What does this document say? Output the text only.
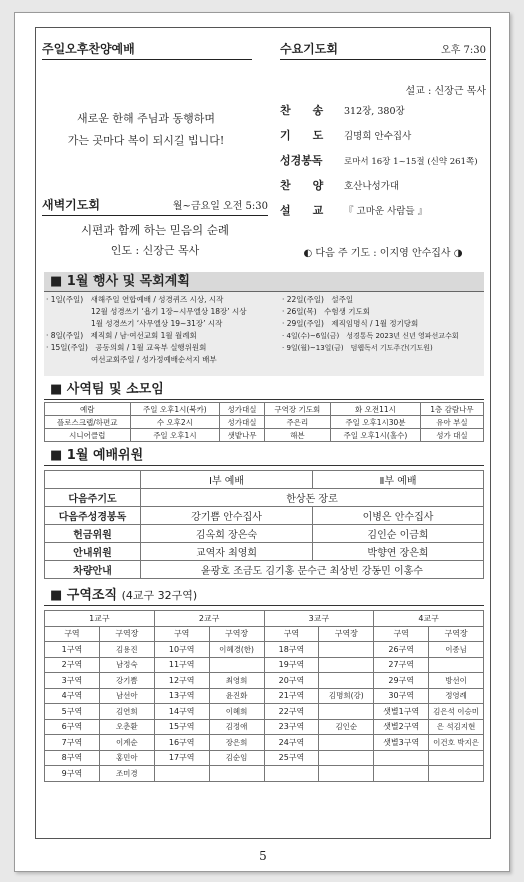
주일오후찬양예배
새로운 한해 주님과 동행하며
가는 곳마다 복이 되시길 빕니다!
새벽기도회	월~금요일 오전 5:30
시편과 함께 하는 믿음의 순례
인도 : 신장근 목사
수요기도회	오후 7:30
설교 : 신장근 목사
찬　　송	312장, 380장
기　　도	김명희 안수집사
성경봉독	로마서 16장 1~15절 (신약 261쪽)
찬　　양	호산나성가대
설　　교	『 고마운 사람들 』
◐ 다음 주 기도 : 이지영 안수집사 ◑
■ 1월 행사 및 목회계획
· 1일(주일)　새해주일 연합예배 / 성경퀴즈 시상, 시작
　　　　　　12월 성경쓰기 ‘욥기 1장~시무엘상 18장’ 시상
　　　　　　1월 성경쓰기 ‘사무엘상 19~31장’ 시작
· 8일(주일)　제직회 / 남·여선교회 1월 월례회
· 15일(주일)　공동의회 / 1월 교육부 실행위원회
　　　　　　여선교회주일 / 성가정예배순서지 배부
· 22일(주일)　설주일
· 26일(목)　수험생 기도회
· 29일(주일)　제직임명식 / 1월 정기당회
· 4일(수)~6일(금)　성경통독 2023년 신년 영파선교수회
· 9일(월)~13일(금)　덤웹독서 기도주간(기도원)
■ 사역팀 및 소모임
예람	주일 오후1시(북카)	성가대실	구역장 기도회	화 오전11시	1층 감람나무
플로스크랩/하편교	수 오후2시	성가대실	주은리	주일 오후1시30분	유아 부실
시니어클럽	주일 오후1시	샛밭나무	해븐	주일 오후1시(홀수)	성가 대실
■ 1월 예배위원
	Ⅰ부 예배	Ⅱ부 예배
다음주기도	한상돈 장로	
다음주성경봉독	강기쁨 안수집사	이병은 안수집사
헌금위원	김옥희 장은숙	김인순 이금희
안내위원	교역자 최영희	박향연 장은희
차량안내	윤광호 조금도 김기홍 문수근 최상빈 강동민 이홍수	
■ 구역조직 (4교구 32구역)
1교구		2교구		3교구		4교구	
구역	구역장	구역	구역장	구역	구역장	구역	구역장
1구역	김용진	10구역	이혜경(한)	18구역		26구역	이종님
2구역	남정숙	11구역		19구역		27구역	
3구역	강기쁨	12구역	최영희	20구역		29구역	방선이
4구역	남선아	13구역	윤진화	21구역	김명희(강)	30구역	정영례
5구역	김연희	14구역	이혜희	22구역		샛별1구역	김은석 이승미
6구역	오춘환	15구역	김정애	23구역	김인순	샛별2구역	은 석김지현
7구역	이계순	16구역	장은희	24구역		샛별3구역	이건호 박지은
8구역	홍민아	17구역	김순임	25구역			
9구역	조미경						
5
